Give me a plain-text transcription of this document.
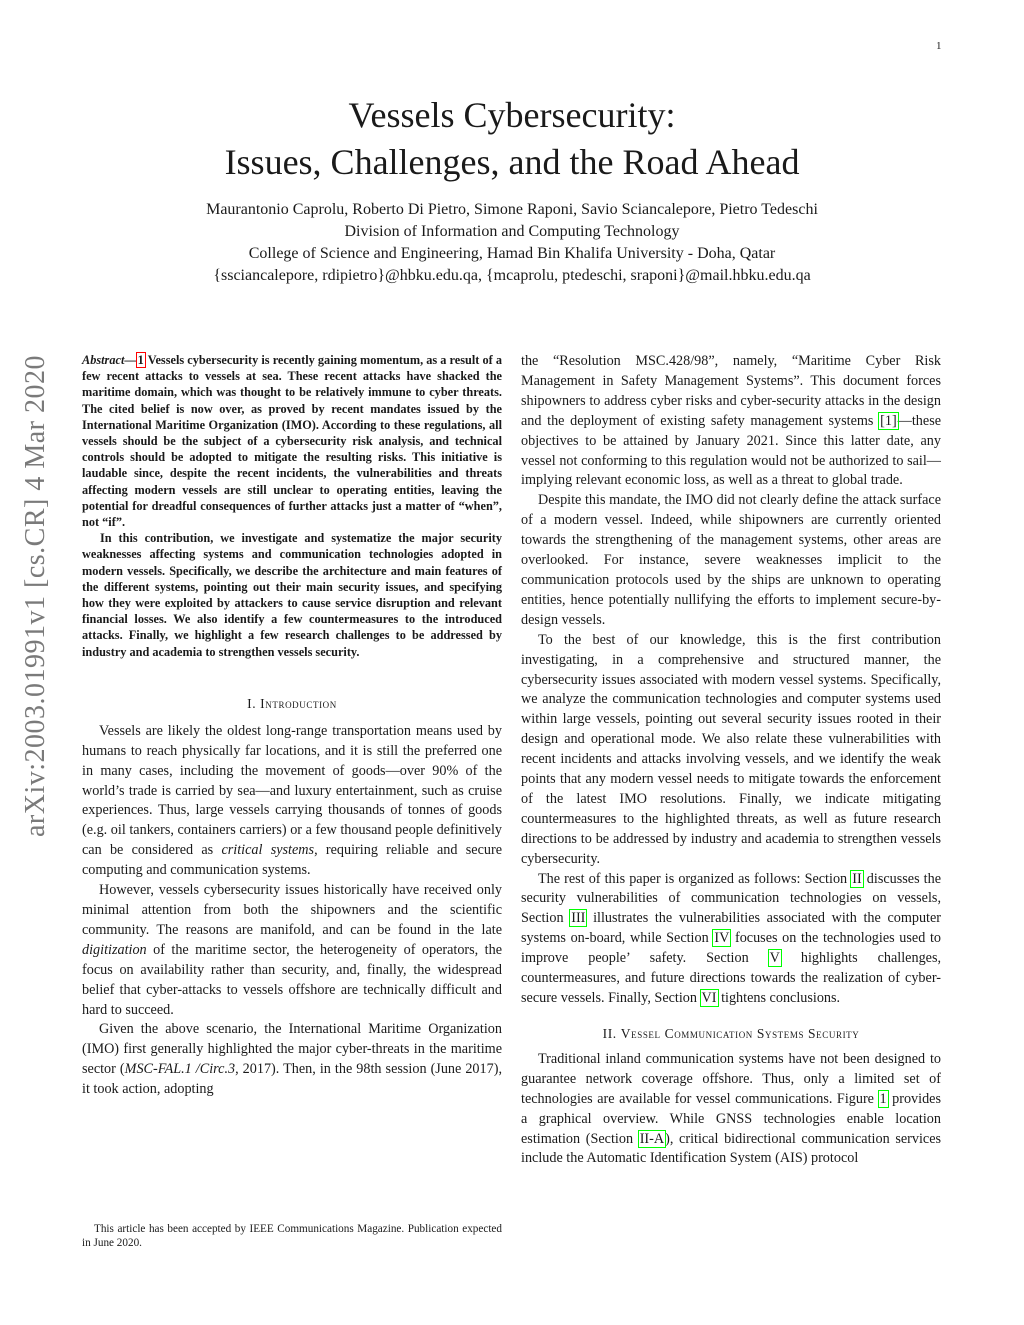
1
Vessels Cybersecurity:
Issues, Challenges, and the Road Ahead
Maurantonio Caprolu, Roberto Di Pietro, Simone Raponi, Savio Sciancalepore, Pietro Tedeschi
Division of Information and Computing Technology
College of Science and Engineering, Hamad Bin Khalifa University - Doha, Qatar
{ssciancalepore, rdipietro}@hbku.edu.qa, {mcaprolu, ptedeschi, sraponi}@mail.hbku.edu.qa
arXiv:2003.01991v1 [cs.CR] 4 Mar 2020	Abstract—1 Vessels cybersecurity is recently gaining momentum, as a result of a few recent attacks to vessels at sea. These recent attacks have shacked the maritime domain, which was thought to be relatively immune to cyber threats. The cited belief is now over, as proved by recent mandates issued by the International Maritime Organization (IMO). According to these regulations, all vessels should be the subject of a cybersecurity risk analysis, and technical controls should be adopted to mitigate the resulting risks. This initiative is laudable since, despite the recent incidents, the vulnerabilities and threats affecting modern vessels are still unclear to operating entities, leaving the potential for dreadful consequences of further attacks just a matter of “when”, not “if”.

In this contribution, we investigate and systematize the major security weaknesses affecting systems and communication technologies adopted in modern vessels. Specifically, we describe the architecture and main features of the different systems, pointing out their main security issues, and specifying how they were exploited by attackers to cause service disruption and relevant financial losses. We also identify a few countermeasures to the introduced attacks. Finally, we highlight a few research challenges to be addressed by industry and academia to strengthen vessels security.

I. Introduction

Vessels are likely the oldest long-range transportation means used by humans to reach physically far locations, and it is still the preferred one in many cases, including the movement of goods—over 90% of the world’s trade is carried by sea—and luxury entertainment, such as cruise experiences. Thus, large vessels carrying thousands of tonnes of goods (e.g. oil tankers, containers carriers) or a few thousand people definitively can be considered as critical systems, requiring reliable and secure computing and communication systems.

However, vessels cybersecurity issues historically have received only minimal attention from both the shipowners and the scientific community. The reasons are manifold, and can be found in the late digitization of the maritime sector, the heterogeneity of operators, the focus on availability rather than security, and, finally, the widespread belief that cyber-attacks to vessels offshore are technically difficult and hard to succeed.

Given the above scenario, the International Maritime Organization (IMO) first generally highlighted the major cyber-threats in the maritime sector (MSC-FAL.1 /Circ.3, 2017). Then, in the 98th session (June 2017), it took action, adopting

the “Resolution MSC.428/98”, namely, “Maritime Cyber Risk Management in Safety Management Systems”. This document forces shipowners to address cyber risks and cyber-security attacks in the design and the deployment of existing safety management systems [1]—these objectives to be attained by January 2021. Since this latter date, any vessel not conforming to this regulation would not be authorized to sail—implying relevant economic loss, as well as a threat to global trade.

Despite this mandate, the IMO did not clearly define the attack surface of a modern vessel. Indeed, while shipowners are currently oriented towards the strengthening of the management systems, other areas are overlooked. For instance, severe weaknesses implicit to the communication protocols used by the ships are unknown to operating entities, hence potentially nullifying the efforts to implement secure-by-design vessels.

To the best of our knowledge, this is the first contribution investigating, in a comprehensive and structured manner, the cybersecurity issues associated with modern vessel systems. Specifically, we analyze the communication technologies and computer systems used within large vessels, pointing out several security issues rooted in their design and operational mode. We also relate these vulnerabilities with recent incidents and attacks involving vessels, and we identify the weak points that any modern vessel needs to mitigate towards the enforcement of the latest IMO resolutions. Finally, we indicate mitigating countermeasures to the highlighted threats, as well as future research directions to be addressed by industry and academia to strengthen vessels cybersecurity.

The rest of this paper is organized as follows: Section II discusses the security vulnerabilities of communication technologies on vessels, Section III illustrates the vulnerabilities associated with the computer systems on-board, while Section IV focuses on the technologies used to improve people’ safety. Section V highlights challenges, countermeasures, and future directions towards the realization of cyber-secure vessels. Finally, Section VI tightens conclusions.

II. Vessel Communication Systems Security

Traditional inland communication systems have not been designed to guarantee network coverage offshore. Thus, only a limited set of technologies are available for vessel communications. Figure 1 provides a graphical overview. While GNSS technologies enable location estimation (Section II-A), critical bidirectional communication services include the Automatic Identification System (AIS) protocol

This article has been accepted by IEEE Communications Magazine. Publication expected in June 2020.
